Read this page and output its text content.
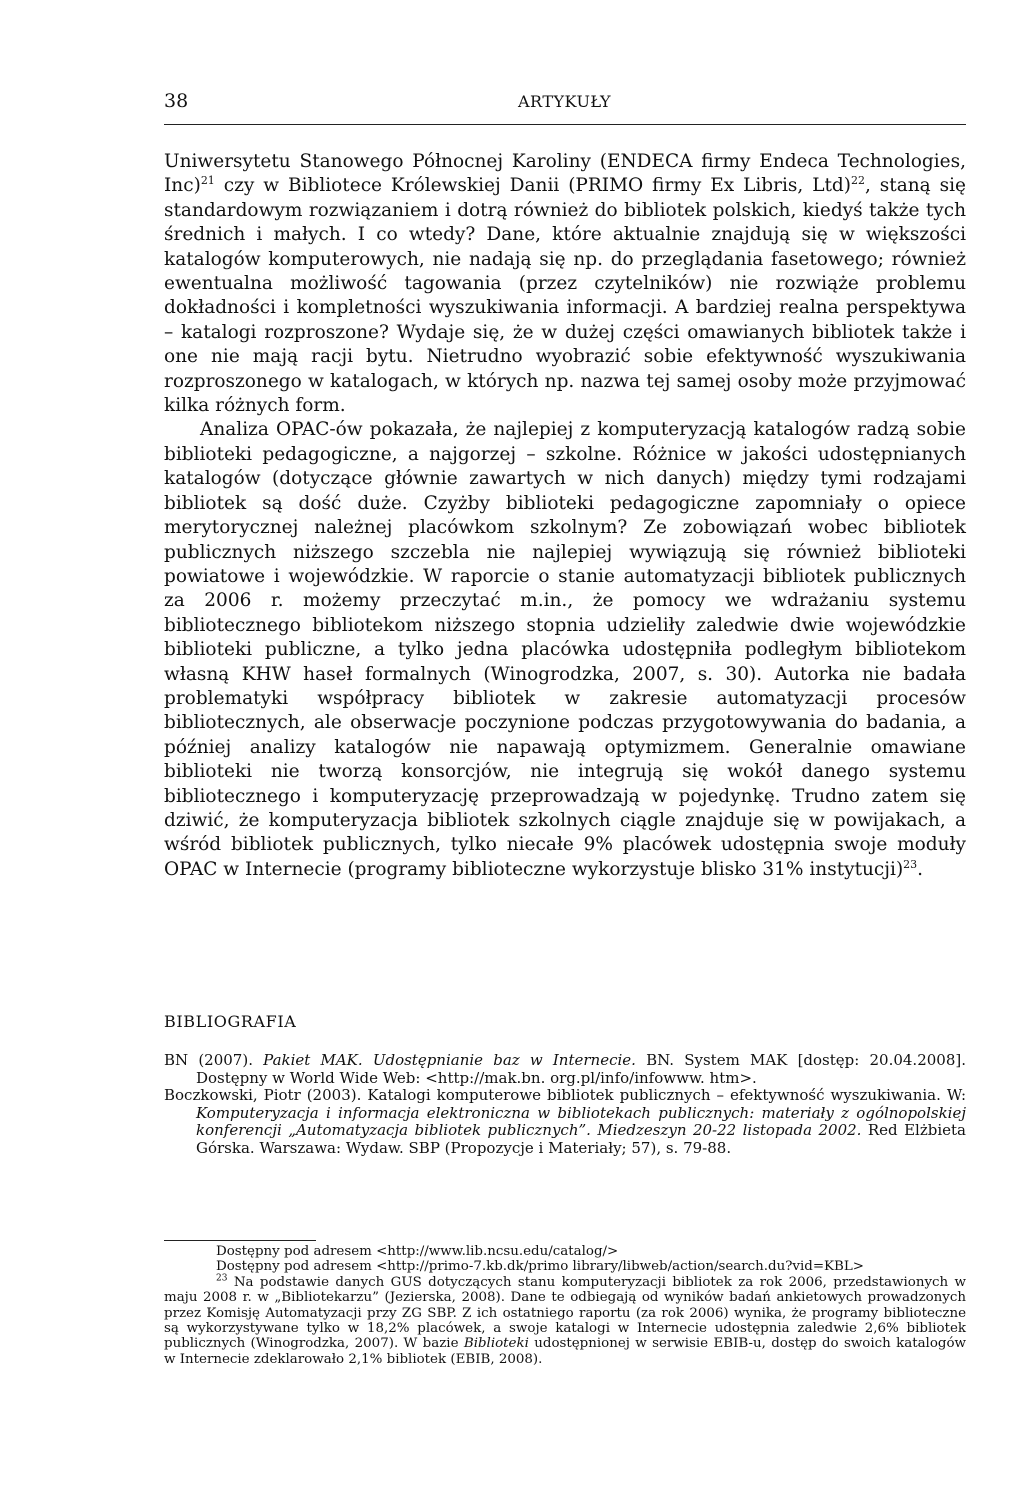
38	ARTYKUŁY

Uniwersytetu Stanowego Północnej Karoliny (ENDECA firmy Endeca Technologies, Inc)$^{21}$ czy w Bibliotece Królewskiej Danii (PRIMO firmy Ex Libris, Ltd)$^{22}$, staną się standardowym rozwiązaniem i dotrą również do bibliotek polskich, kiedyś także tych średnich i małych. I co wtedy? Dane, które aktualnie znajdują się w większości katalogów komputerowych, nie nadają się np. do przeglądania fasetowego; również ewentualna możliwość tagowania (przez czytelników) nie rozwiąże problemu dokładności i kompletności wyszukiwania informacji. A bardziej realna perspektywa – katalogi rozproszone? Wydaje się, że w dużej części omawianych bibliotek także i one nie mają racji bytu. Nietrudno wyobrazić sobie efektywność wyszukiwania rozproszonego w katalogach, w których np. nazwa tej samej osoby może przyjmować kilka różnych form.

Analiza OPAC-ów pokazała, że najlepiej z komputeryzacją katalogów radzą sobie biblioteki pedagogiczne, a najgorzej – szkolne. Różnice w jakości udostępnianych katalogów (dotyczące głównie zawartych w nich danych) między tymi rodzajami bibliotek są dość duże. Czyżby biblioteki pedagogiczne zapomniały o opiece merytorycznej należnej placówkom szkolnym? Ze zobowiązań wobec bibliotek publicznych niższego szczebla nie najlepiej wywiązują się również biblioteki powiatowe i wojewódzkie. W raporcie o stanie automatyzacji bibliotek publicznych za 2006 r. możemy przeczytać m.in., że pomocy we wdrażaniu systemu bibliotecznego bibliotekom niższego stopnia udzieliły zaledwie dwie wojewódzkie biblioteki publiczne, a tylko jedna placówka udostępniła podległym bibliotekom własną KHW haseł formalnych (Winogrodzka, 2007, s. 30). Autorka nie badała problematyki współpracy bibliotek w zakresie automatyzacji procesów bibliotecznych, ale obserwacje poczynione podczas przygotowywania do badania, a później analizy katalogów nie napawają optymizmem. Generalnie omawiane biblioteki nie tworzą konsorcjów, nie integrują się wokół danego systemu bibliotecznego i komputeryzację przeprowadzają w pojedynkę. Trudno zatem się dziwić, że komputeryzacja bibliotek szkolnych ciągle znajduje się w powijakach, a wśród bibliotek publicznych, tylko niecałe 9% placówek udostępnia swoje moduły OPAC w Internecie (programy biblioteczne wykorzystuje blisko 31% instytucji)$^{23}$.

BIBLIOGRAFIA

BN (2007). Pakiet MAK. Udostępnianie baz w Internecie. BN. System MAK [dostęp: 20.04.2008]. Dostępny w World Wide Web: <http://mak.bn. org.pl/info/infowww. htm>.

Boczkowski, Piotr (2003). Katalogi komputerowe bibliotek publicznych – efektywność wyszukiwania. W: Komputeryzacja i informacja elektroniczna w bibliotekach publicznych: materiały z ogólnopolskiej konferencji „Automatyzacja bibliotek publicznych”. Miedzeszyn 20-22 listopada 2002. Red Elżbieta Górska. Warszawa: Wydaw. SBP (Propozycje i Materiały; 57), s. 79-88.

Dostępny pod adresem <http://www.lib.ncsu.edu/catalog/>

Dostępny pod adresem <http://primo-7.kb.dk/primo library/libweb/action/search.du?vid=KBL>

$^{23}$ Na podstawie danych GUS dotyczących stanu komputeryzacji bibliotek za rok 2006, przedstawionych w maju 2008 r. w „Bibliotekarzu” (Jezierska, 2008). Dane te odbiegają od wyników badań ankietowych prowadzonych przez Komisję Automatyzacji przy ZG SBP. Z ich ostatniego raportu (za rok 2006) wynika, że programy biblioteczne są wykorzystywane tylko w 18,2% placówek, a swoje katalogi w Internecie udostępnia zaledwie 2,6% bibliotek publicznych (Winogrodzka, 2007). W bazie Biblioteki udostępnionej w serwisie EBIB-u, dostęp do swoich katalogów w Internecie zdeklarowało 2,1% bibliotek (EBIB, 2008).
